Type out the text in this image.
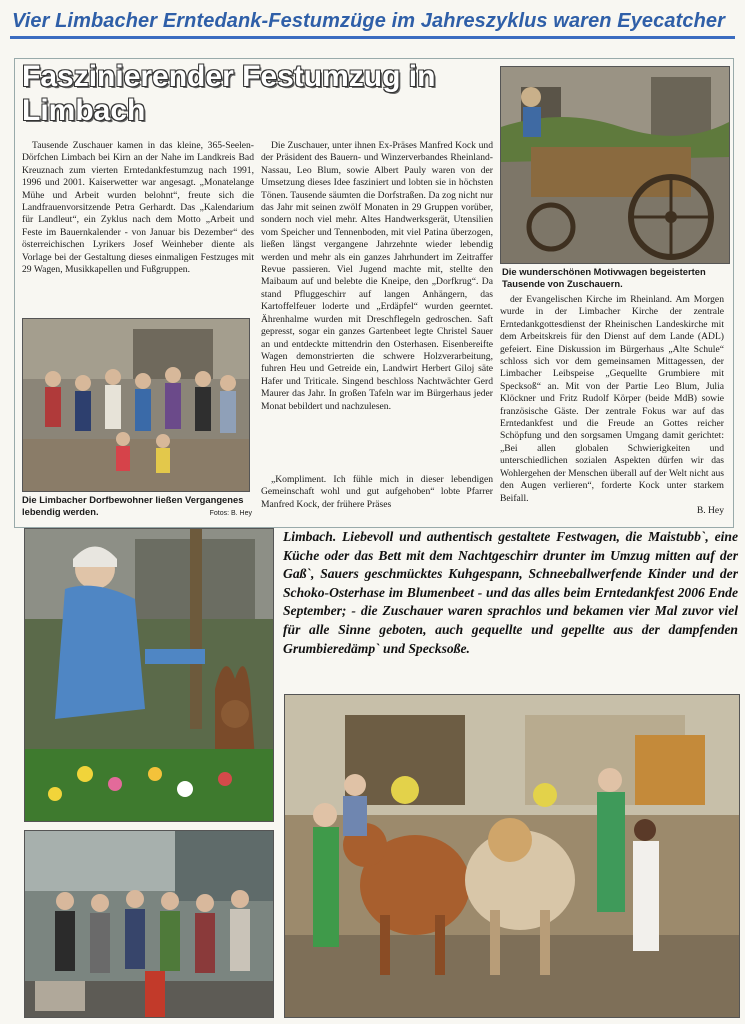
Vier Limbacher Erntedank-Festumzüge im Jahreszyklus waren Eyecatcher
Faszinierender Festumzug in Limbach

Tausende Zuschauer kamen in das kleine, 365-Seelen-Dörfchen Limbach bei Kirn an der Nahe im Landkreis Bad Kreuznach zum vierten Erntedankfestumzug nach 1991, 1996 und 2001. Kaiserwetter war angesagt. „Monatelange Mühe und Arbeit wurden belohnt“, freute sich die Landfrauenvorsitzende Petra Gerhardt. Das „Kalendarium für Landleut“, ein Zyklus nach dem Motto „Arbeit und Feste im Bauernkalender - von Januar bis Dezember“ des österreichischen Lyrikers Josef Weinheber diente als Vorlage bei der Gestaltung dieses einmaligen Festzuges mit 29 Wagen, Musikkapellen und Fußgruppen.

Die Zuschauer, unter ihnen Ex-Präses Manfred Kock und der Präsident des Bauern- und Winzerverbandes Rheinland-Nassau, Leo Blum, sowie Albert Pauly waren von der Umsetzung dieses Idee fasziniert und lobten sie in höchsten Tönen. Tausende säumten die Dorfstraßen. Da zog nicht nur das Jahr mit seinen zwölf Monaten in 29 Gruppen vorüber, sondern noch viel mehr. Altes Handwerksgerät, Utensilien vom Speicher und Tennenboden, mit viel Patina überzogen, ließen längst vergangene Jahrzehnte wieder lebendig werden und mehr als ein ganzes Jahrhundert im Zeitraffer Revue passieren. Viel Jugend machte mit, stellte den Maibaum auf und belebte die Kneipe, den „Dorfkrug“. Da stand Pfluggeschirr auf langen Anhängern, das Kartoffelfeuer loderte und „Erdäpfel“ wurden geerntet. Ährenhalme wurden mit Dreschflegeln gedroschen. Saft gepresst, sogar ein ganzes Gartenbeet legte Christel Sauer an und entdeckte mittendrin den Osterhasen. Eisenbereifte Wagen demonstrierten die schwere Holzverarbeitung, fuhren Heu und Getreide ein, Landwirt Herbert Giloj säte Hafer und Triticale. Singend beschloss Nachtwächter Gerd Maurer das Jahr. In großen Tafeln war im Bürgerhaus jeder Monat bebildert und nachzulesen.

„Kompliment. Ich fühle mich in dieser lebendigen Gemeinschaft wohl und gut aufgehoben“ lobte Pfarrer Manfred Kock, der frühere Präses

der Evangelischen Kirche im Rheinland. Am Morgen wurde in der Limbacher Kirche der zentrale Erntedankgottesdienst der Rheinischen Landeskirche mit dem Arbeitskreis für den Dienst auf dem Lande (ADL) gefeiert. Eine Diskussion im Bürgerhaus „Alte Schule“ schloss sich vor dem gemeinsamen Mittagessen, der Limbacher Leibspeise „Gequellte Grumbiere mit Specksoß“ an. Mit von der Partie Leo Blum, Julia Klöckner und Fritz Rudolf Körper (beide MdB) sowie französische Gäste. Der zentrale Fokus war auf das Erntedankfest und die Freude an Gottes reicher Schöpfung und den sorgsamen Umgang damit gerichtet: „Bei allen globalen Schwierigkeiten und unterschiedlichen sozialen Aspekten dürfen wir das Wohlergehen der Menschen überall auf der Welt nicht aus den Augen verlieren“, forderte Kock unter starkem Beifall.

B. Hey
Die wunderschönen Motivwagen begeisterten Tausende von Zuschauern.
Die Limbacher Dorfbewohner ließen Vergangenes lebendig werden.	Fotos: B. Hey
Limbach. Liebevoll und authentisch gestaltete Festwagen, die Maistubb`, eine Küche oder das Bett mit dem Nachtgeschirr drunter im Umzug mitten auf der Gaß`, Sauers geschmücktes Kuhgespann, Schneeballwerfende Kinder und der Schoko-Osterhase im Blumenbeet - und das alles beim Erntedankfest 2006 Ende September; - die Zuschauer waren sprachlos und bekamen vier Mal zuvor viel für alle Sinne geboten, auch gequellte und gepellte aus der dampfenden Grumbieredämp` und Specksoße.
